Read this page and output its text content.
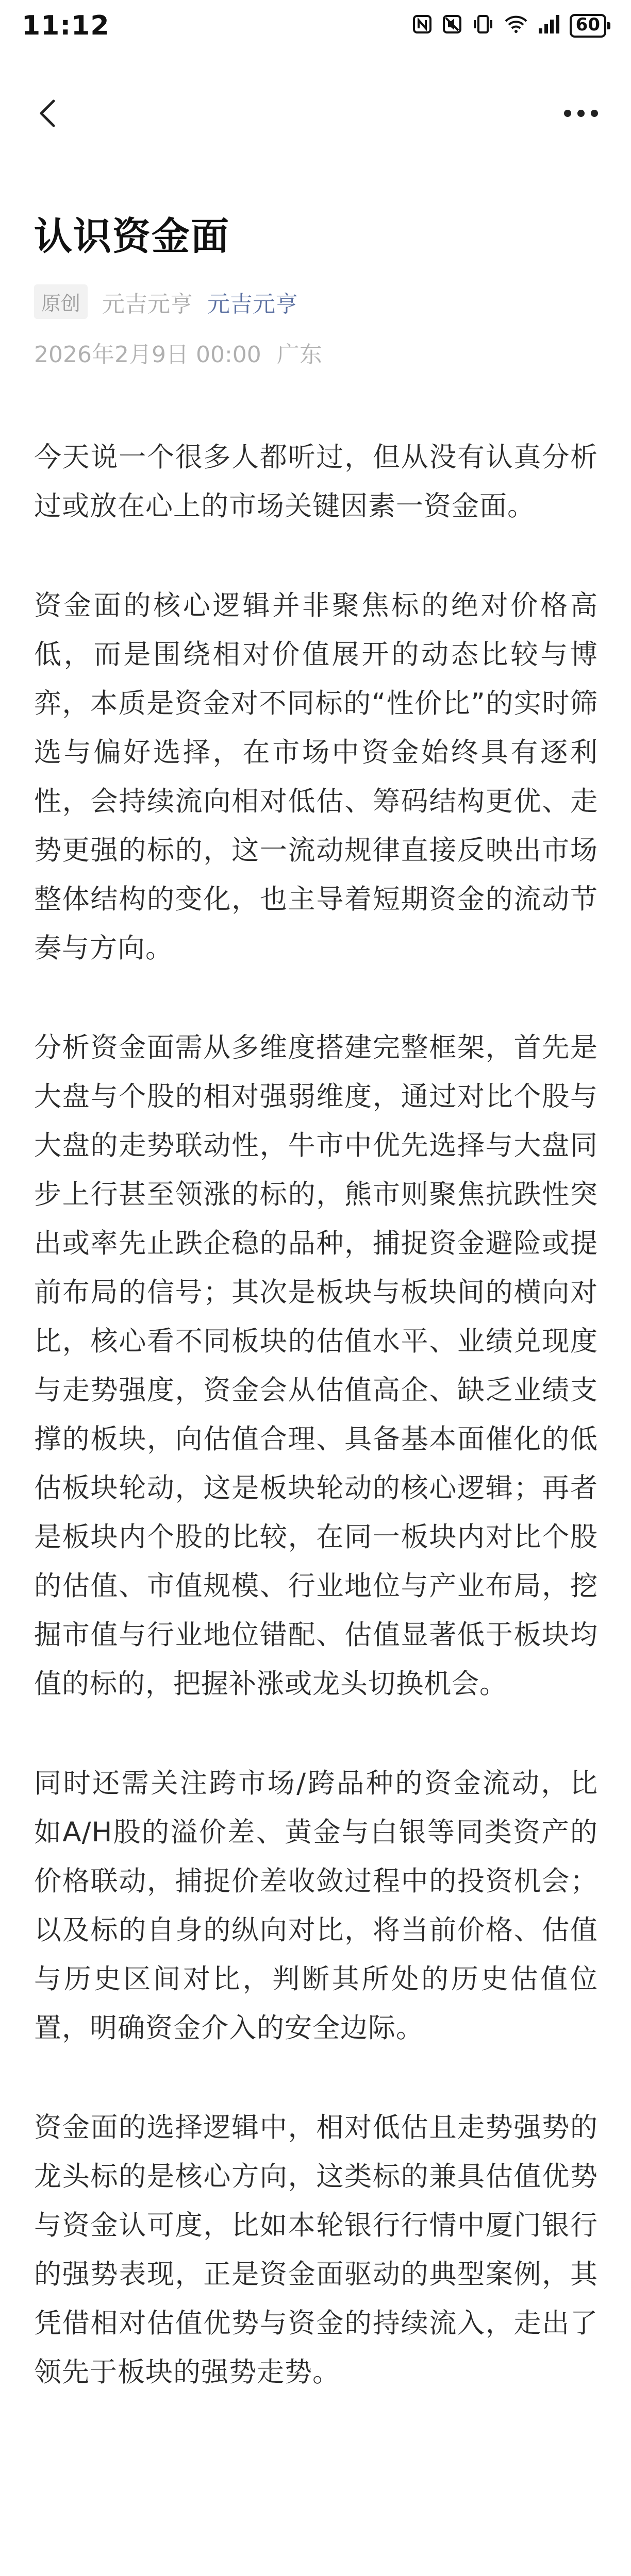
11:12	60
认识资金面
原创 元吉元亨 元吉元亨
2026年2月9日 00:00 广东

今天说一个很多人都听过，但从没有认真分析过或放在心上的市场关键因素一资金面。

资金面的核心逻辑并非聚焦标的绝对价格高低，而是围绕相对价值展开的动态比较与博弈，本质是资金对不同标的“性价比”的实时筛选与偏好选择，在市场中资金始终具有逐利性，会持续流向相对低估、筹码结构更优、走势更强的标的，这一流动规律直接反映出市场整体结构的变化，也主导着短期资金的流动节奏与方向。

分析资金面需从多维度搭建完整框架，首先是大盘与个股的相对强弱维度，通过对比个股与大盘的走势联动性，牛市中优先选择与大盘同步上行甚至领涨的标的，熊市则聚焦抗跌性突出或率先止跌企稳的品种，捕捉资金避险或提前布局的信号；其次是板块与板块间的横向对比，核心看不同板块的估值水平、业绩兑现度与走势强度，资金会从估值高企、缺乏业绩支撑的板块，向估值合理、具备基本面催化的低估板块轮动，这是板块轮动的核心逻辑；再者是板块内个股的比较，在同一板块内对比个股的估值、市值规模、行业地位与产业布局，挖掘市值与行业地位错配、估值显著低于板块均值的标的，把握补涨或龙头切换机会。

同时还需关注跨市场/跨品种的资金流动，比如A/H股的溢价差、黄金与白银等同类资产的价格联动，捕捉价差收敛过程中的投资机会；以及标的自身的纵向对比，将当前价格、估值与历史区间对比，判断其所处的历史估值位置，明确资金介入的安全边际。

资金面的选择逻辑中，相对低估且走势强势的龙头标的是核心方向，这类标的兼具估值优势与资金认可度，比如本轮银行行情中厦门银行的强势表现，正是资金面驱动的典型案例，其凭借相对估值优势与资金的持续流入，走出了领先于板块的强势走势。
